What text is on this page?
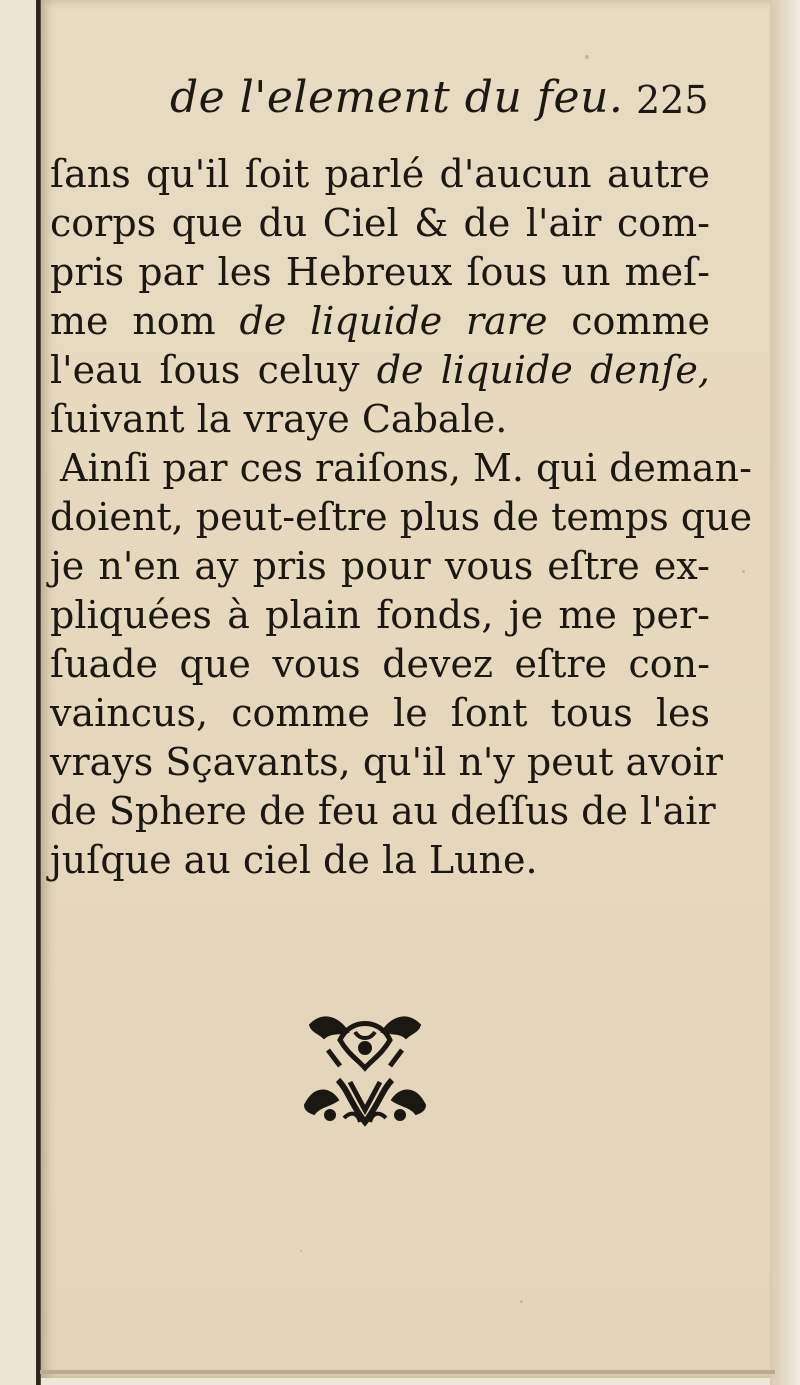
de l'element du feu. 225
ſans qu'il ſoit parlé d'aucun autre
corps que du Ciel & de l'air com-
pris par les Hebreux ſous un meſ-
me nom de liquide rare comme
l'eau ſous celuy de liquide denſe,
ſuivant la vraye Cabale.
Ainſi par ces raiſons, M. qui deman-
doient, peut-eſtre plus de temps que
je n'en ay pris pour vous eſtre ex-
pliquées à plain fonds, je me per-
ſuade que vous devez eſtre con-
vaincus, comme le ſont tous les
vrays Sçavants, qu'il n'y peut avoir
de Sphere de feu au deſſus de l'air
juſque au ciel de la Lune.
